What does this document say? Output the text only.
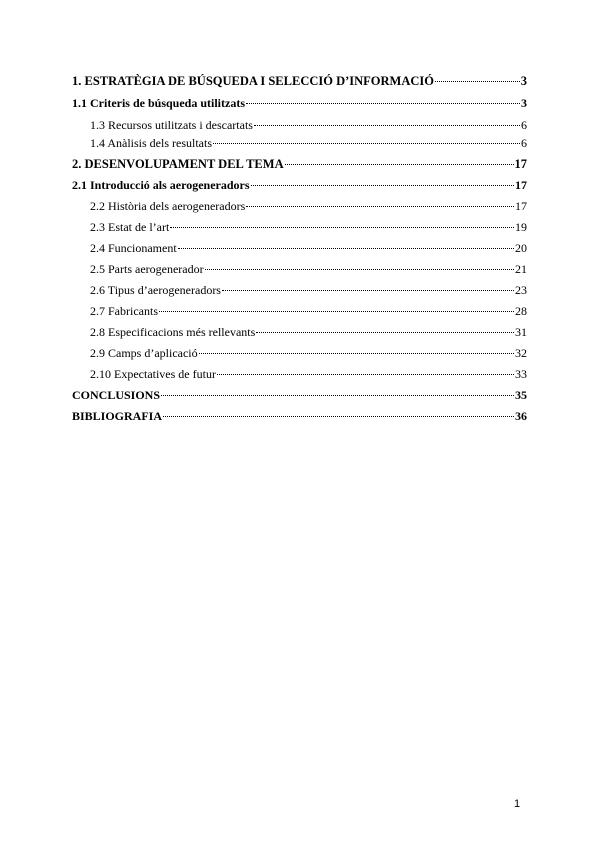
1. ESTRATÈGIA DE BÚSQUEDA I SELECCIÓ D’INFORMACIÓ	3
1.1 Criteris de búsqueda utilitzats	3
1.3 Recursos utilitzats i descartats	6
1.4 Anàlisis dels resultats	6
2. DESENVOLUPAMENT DEL TEMA	17
2.1 Introducció als aerogeneradors	17
2.2 Història dels aerogeneradors	17
2.3 Estat de l’art	19
2.4 Funcionament	20
2.5 Parts aerogenerador	21
2.6 Tipus d’aerogeneradors	23
2.7 Fabricants	28
2.8 Especificacions més rellevants	31
2.9 Camps d’aplicació	32
2.10 Expectatives de futur	33
CONCLUSIONS	35
BIBLIOGRAFIA	36
1
